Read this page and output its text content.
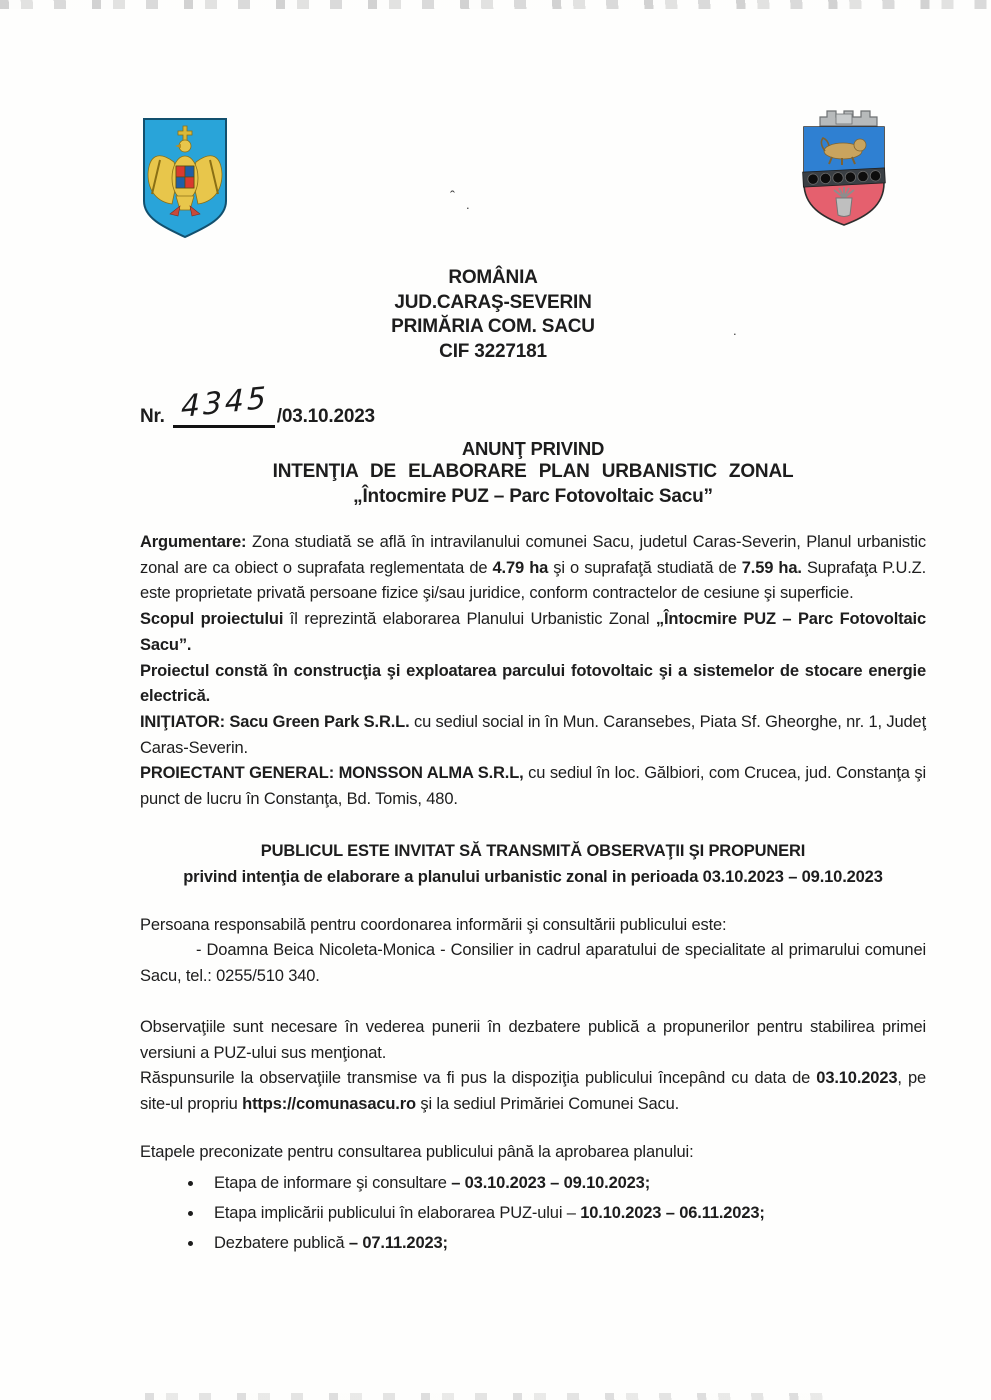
ˆ .
.
ROMÂNIA
JUD.CARAŞ-SEVERIN
PRIMĂRIA COM. SACU
CIF 3227181
Nr. 4345 /03.10.2023
ANUNŢ PRIVIND
INTENŢIA DE ELABORARE PLAN URBANISTIC ZONAL
„Întocmire PUZ – Parc Fotovoltaic Sacu”

Argumentare: Zona studiată se află în intravilanului comunei Sacu, judetul Caras-Severin, Planul urbanistic zonal are ca obiect o suprafata reglementata de 4.79 ha şi o suprafaţă studiată de 7.59 ha. Suprafaţa P.U.Z. este proprietate privată persoane fizice şi/sau juridice, conform contractelor de cesiune şi superficie.

Scopul proiectului îl reprezintă elaborarea Planului Urbanistic Zonal „Întocmire PUZ – Parc Fotovoltaic Sacu”.

Proiectul constă în construcţia şi exploatarea parcului fotovoltaic şi a sistemelor de stocare energie electrică.

INIŢIATOR: Sacu Green Park S.R.L. cu sediul social in în Mun. Caransebes, Piata Sf. Gheorghe, nr. 1, Judeţ Caras-Severin.

PROIECTANT GENERAL: MONSSON ALMA S.R.L, cu sediul în loc. Gălbiori, com Crucea, jud. Constanţa şi punct de lucru în Constanţa, Bd. Tomis, 480.

PUBLICUL ESTE INVITAT SĂ TRANSMITĂ OBSERVAŢII ŞI PROPUNERI
privind intenţia de elaborare a planului urbanistic zonal in perioada 03.10.2023 – 09.10.2023

Persoana responsabilă pentru coordonarea informării şi consultării publicului este:

- Doamna Beica Nicoleta-Monica - Consilier in cadrul aparatului de specialitate al primarului comunei Sacu, tel.: 0255/510 340.

Observaţiile sunt necesare în vederea punerii în dezbatere publică a propunerilor pentru stabilirea primei versiuni a PUZ-ului sus menţionat.

Răspunsurile la observaţiile transmise va fi pus la dispoziţia publicului începând cu data de 03.10.2023, pe site-ul propriu https://comunasacu.ro şi la sediul Primăriei Comunei Sacu.

Etapele preconizate pentru consultarea publicului până la aprobarea planului:

• Etapa de informare şi consultare – 03.10.2023 – 09.10.2023;
• Etapa implicării publicului în elaborarea PUZ-ului – 10.10.2023 – 06.11.2023;
• Dezbatere publică – 07.11.2023;
